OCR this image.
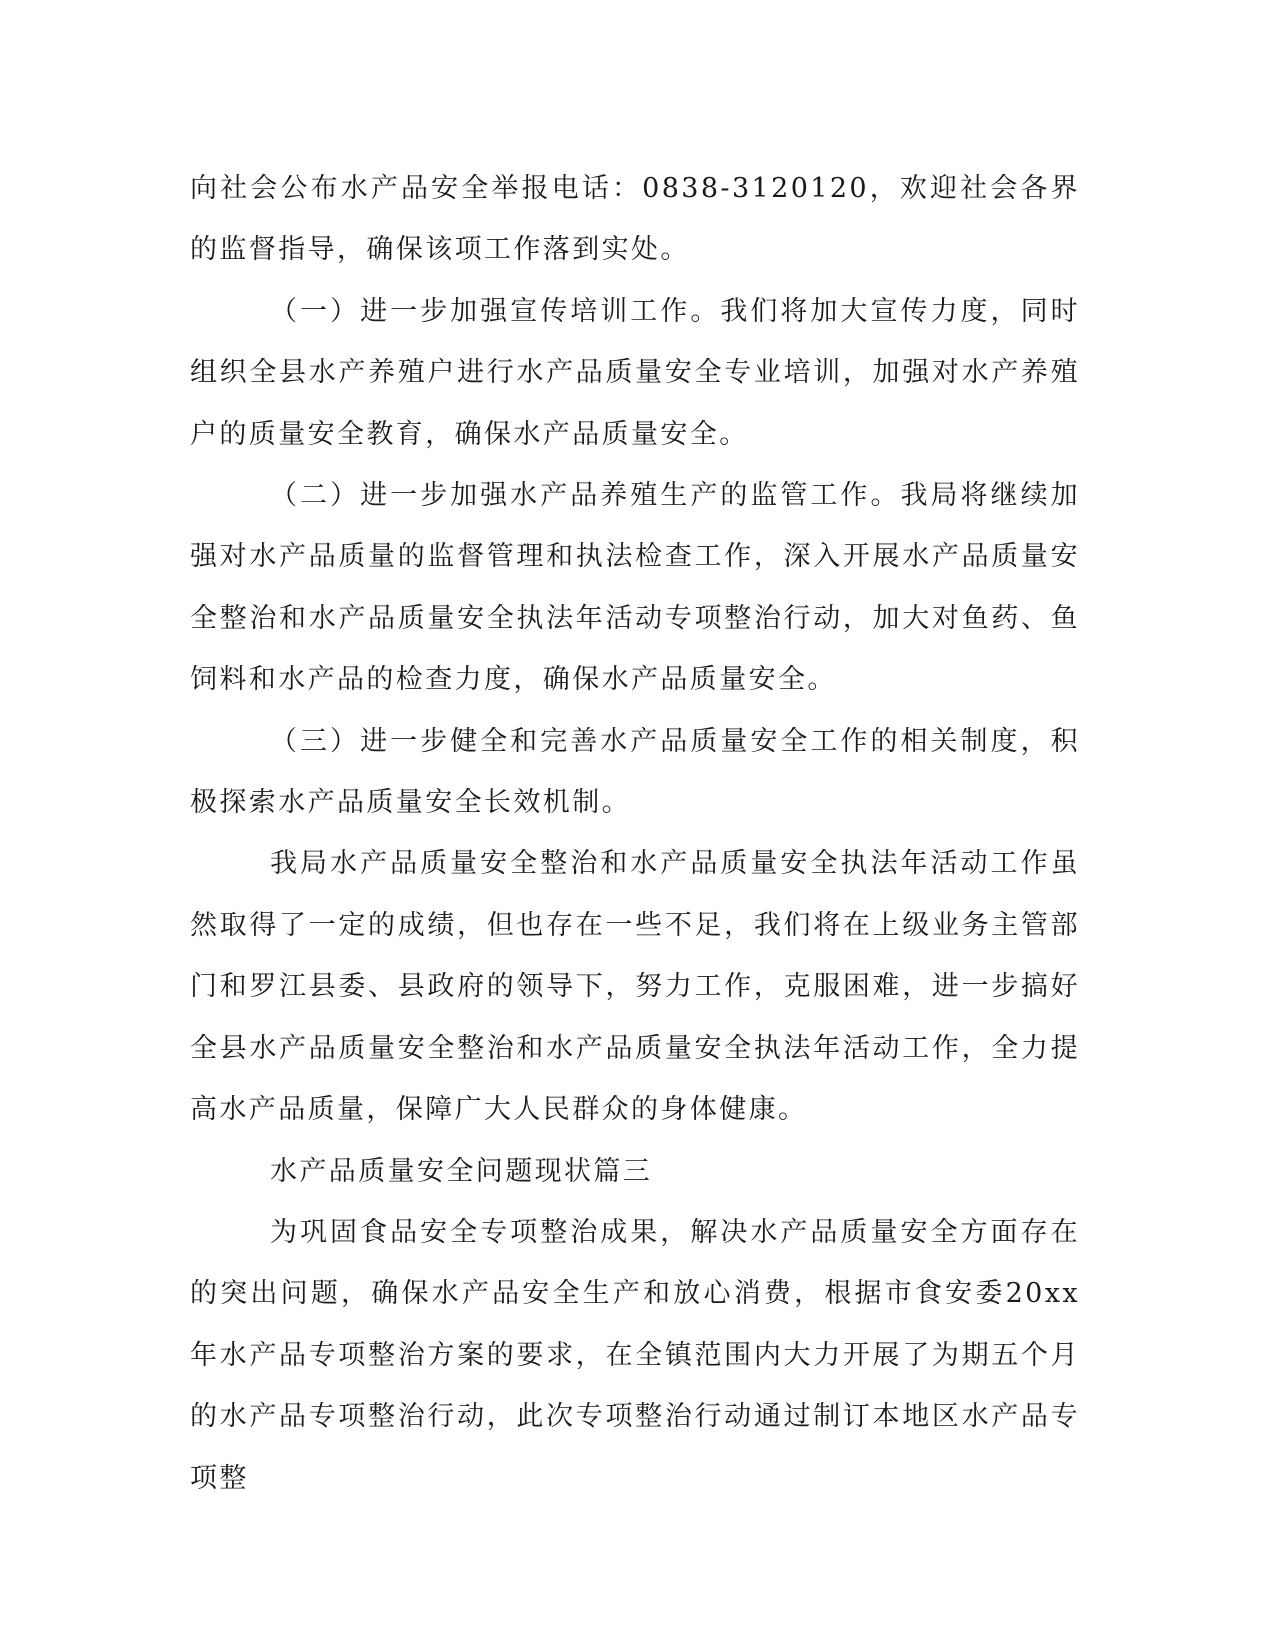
向社会公布水产品安全举报电话：0838-3120120，欢迎社会各界的监督指导，确保该项工作落到实处。

（一）进一步加强宣传培训工作。我们将加大宣传力度，同时组织全县水产养殖户进行水产品质量安全专业培训，加强对水产养殖户的质量安全教育，确保水产品质量安全。

（二）进一步加强水产品养殖生产的监管工作。我局将继续加强对水产品质量的监督管理和执法检查工作，深入开展水产品质量安全整治和水产品质量安全执法年活动专项整治行动，加大对鱼药、鱼饲料和水产品的检查力度，确保水产品质量安全。

（三）进一步健全和完善水产品质量安全工作的相关制度，积极探索水产品质量安全长效机制。

我局水产品质量安全整治和水产品质量安全执法年活动工作虽然取得了一定的成绩，但也存在一些不足，我们将在上级业务主管部门和罗江县委、县政府的领导下，努力工作，克服困难，进一步搞好全县水产品质量安全整治和水产品质量安全执法年活动工作，全力提高水产品质量，保障广大人民群众的身体健康。

水产品质量安全问题现状篇三

为巩固食品安全专项整治成果，解决水产品质量安全方面存在的突出问题，确保水产品安全生产和放心消费，根据市食安委20xx年水产品专项整治方案的要求，在全镇范围内大力开展了为期五个月的水产品专项整治行动，此次专项整治行动通过制订本地区水产品专项整
